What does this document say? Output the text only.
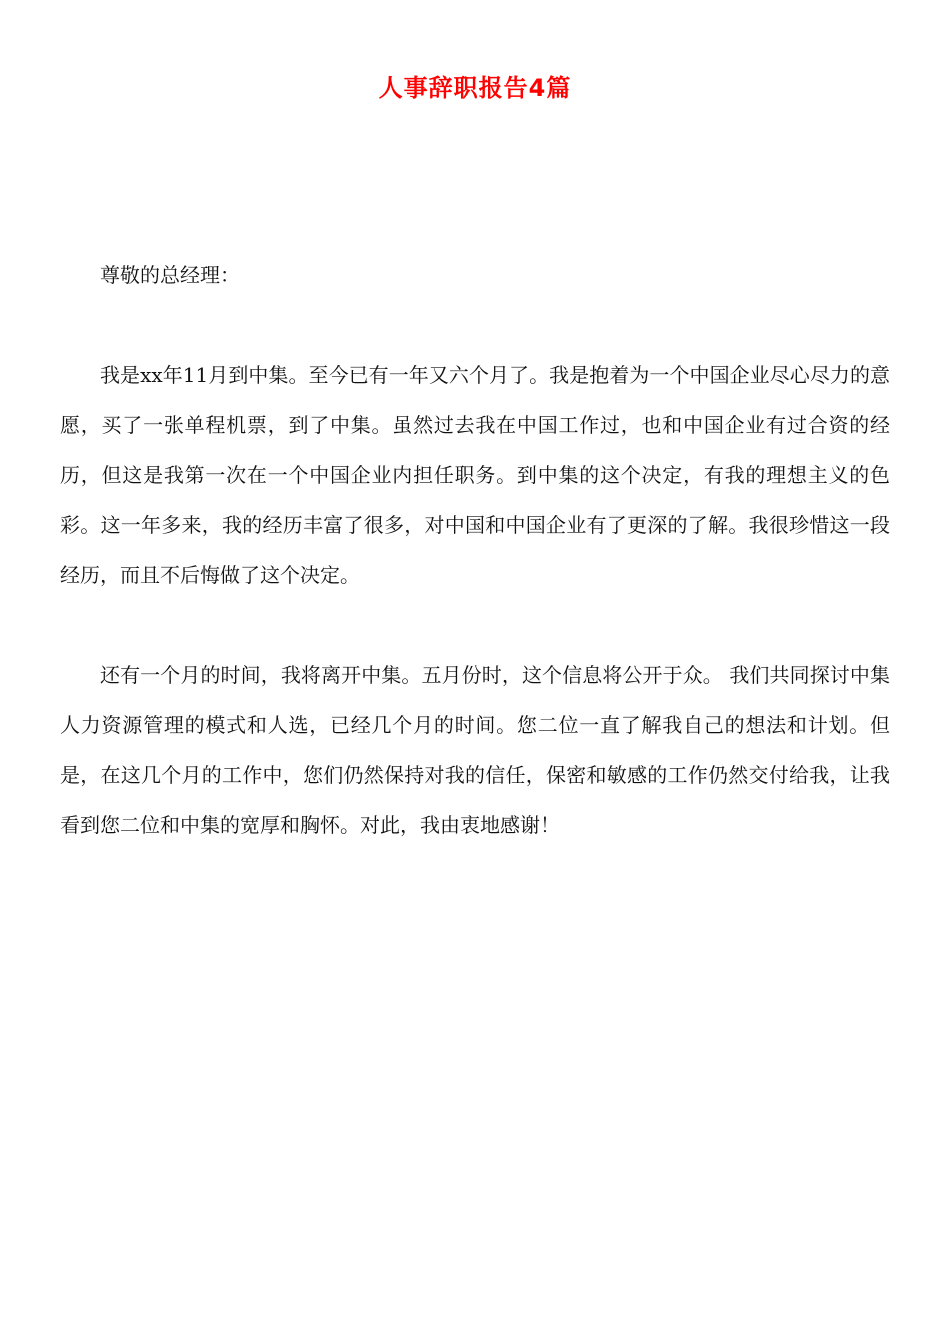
人事辞职报告4篇

尊敬的总经理：

我是xx年11月到中集。至今已有一年又六个月了。我是抱着为一个中国企业尽心尽力的意愿，买了一张单程机票，到了中集。虽然过去我在中国工作过，也和中国企业有过合资的经历，但这是我第一次在一个中国企业内担任职务。到中集的这个决定，有我的理想主义的色彩。这一年多来，我的经历丰富了很多，对中国和中国企业有了更深的了解。我很珍惜这一段经历，而且不后悔做了这个决定。

还有一个月的时间，我将离开中集。五月份时，这个信息将公开于众。 我们共同探讨中集人力资源管理的模式和人选，已经几个月的时间。您二位一直了解我自己的想法和计划。但是，在这几个月的工作中，您们仍然保持对我的信任，保密和敏感的工作仍然交付给我，让我看到您二位和中集的宽厚和胸怀。对此，我由衷地感谢！
